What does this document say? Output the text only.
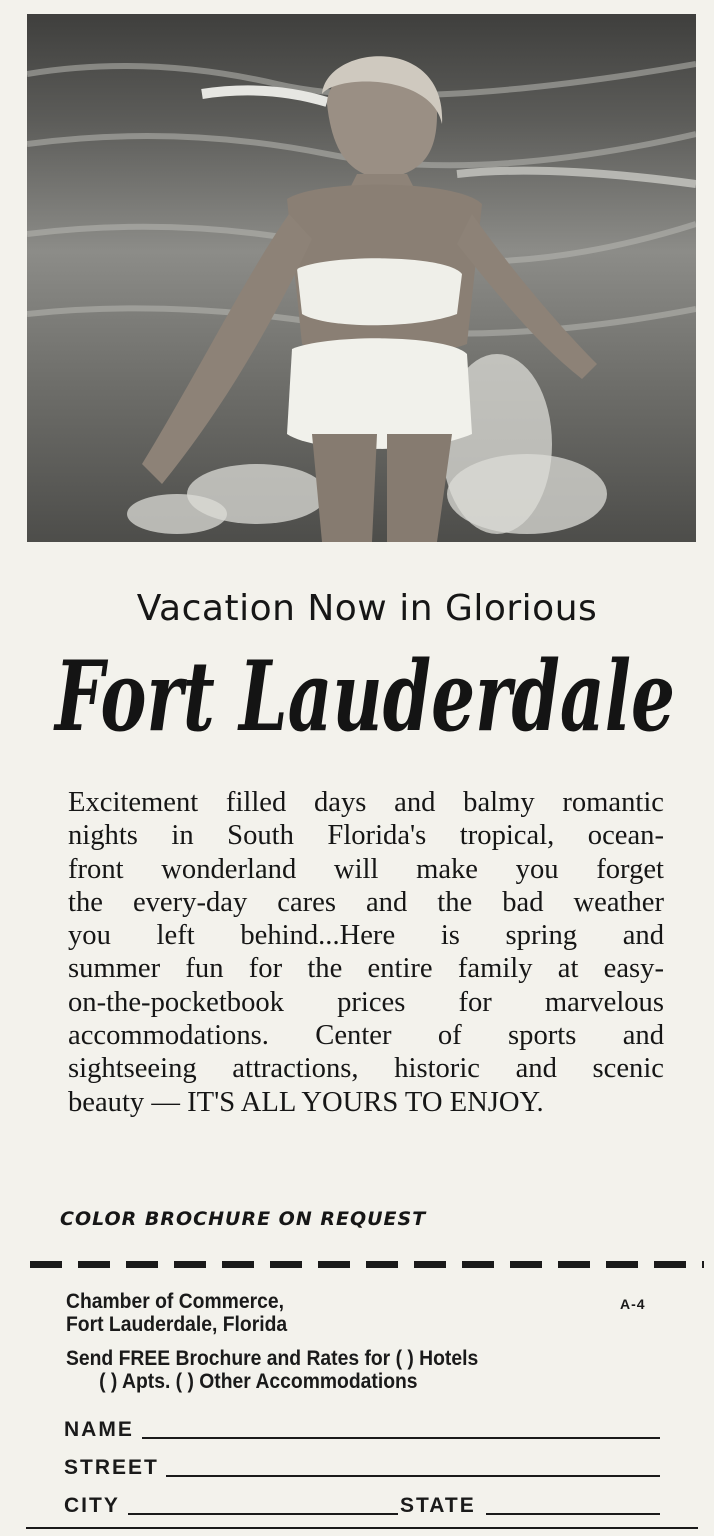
Vacation Now in Glorious
Fort Lauderdale
Excitement filled days and balmy romantic
nights in South Florida's tropical, ocean-
front wonderland will make you forget
the every-day cares and the bad weather
you left behind...Here is spring and
summer fun for the entire family at easy-
on-the-pocketbook prices for marvelous
accommodations. Center of sports and
sightseeing attractions, historic and scenic
beauty — IT'S ALL YOURS TO ENJOY.
COLOR BROCHURE ON REQUEST
Chamber of Commerce,
Fort Lauderdale, Florida
Send FREE Brochure and Rates for ( ) Hotels
( ) Apts. ( ) Other Accommodations
A-4
NAME
STREET
CITY	STATE
